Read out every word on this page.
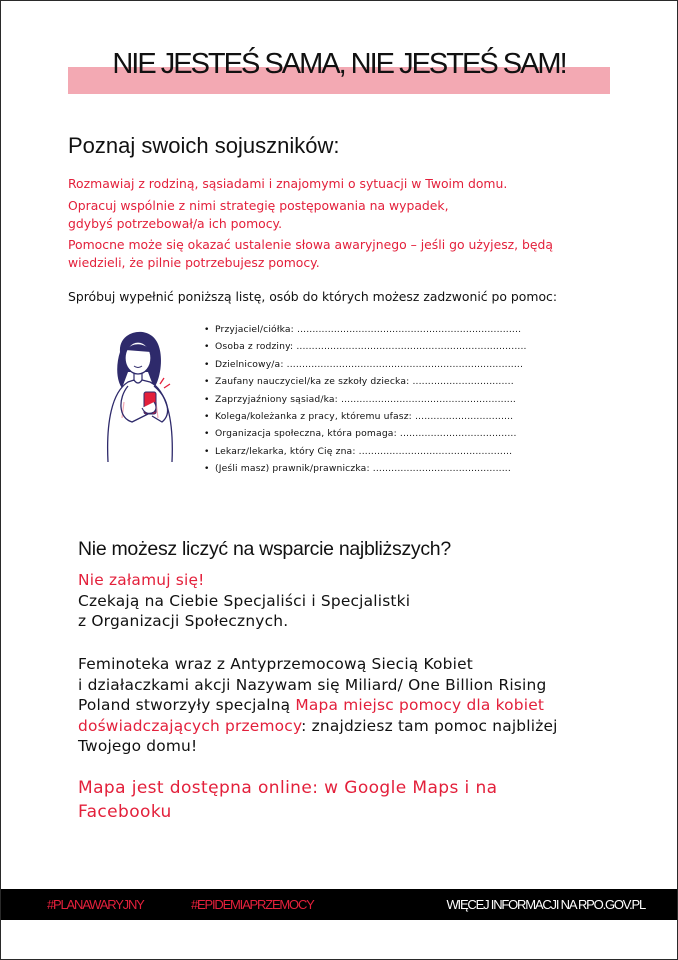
NIE JESTEŚ SAMA, NIE JESTEŚ SAM!
Poznaj swoich sojuszników:
Rozmawiaj z rodziną, sąsiadami i znajomymi o sytuacji w Twoim domu.
Opracuj wspólnie z nimi strategię postępowania na wypadek,
gdybyś potrzebował/a ich pomocy.
Pomocne może się okazać ustalenie słowa awaryjnego – jeśli go użyjesz, będą
wiedzieli, że pilnie potrzebujesz pomocy.
Spróbuj wypełnić poniższą listę, osób do których możesz zadzwonić po pomoc:
• Przyjaciel/ciółka: .........................................................................
• Osoba z rodziny: ...........................................................................
• Dzielnicowy/a: .............................................................................
• Zaufany nauczyciel/ka ze szkoły dziecka: .................................
• Zaprzyjaźniony sąsiad/ka: .........................................................
• Kolega/koleżanka z pracy, któremu ufasz: ................................
• Organizacja społeczna, która pomaga: ......................................
• Lekarz/lekarka, który Cię zna: ..................................................
• (Jeśli masz) prawnik/prawniczka: .............................................
Nie możesz liczyć na wsparcie najbliższych?
Nie załamuj się!
Czekają na Ciebie Specjaliści i Specjalistki
z Organizacji Społecznych.
Feminoteka wraz z Antyprzemocową Siecią Kobiet
i działaczkami akcji Nazywam się Miliard/ One Billion Rising
Poland stworzyły specjalną Mapa miejsc pomocy dla kobiet
doświadczających przemocy: znajdziesz tam pomoc najbliżej
Twojego domu!
Mapa jest dostępna online: w Google Maps i na
Facebooku
#PLANAWARYJNY	#EPIDEMIAPRZEMOCY	WIĘCEJ INFORMACJI NA RPO.GOV.PL
